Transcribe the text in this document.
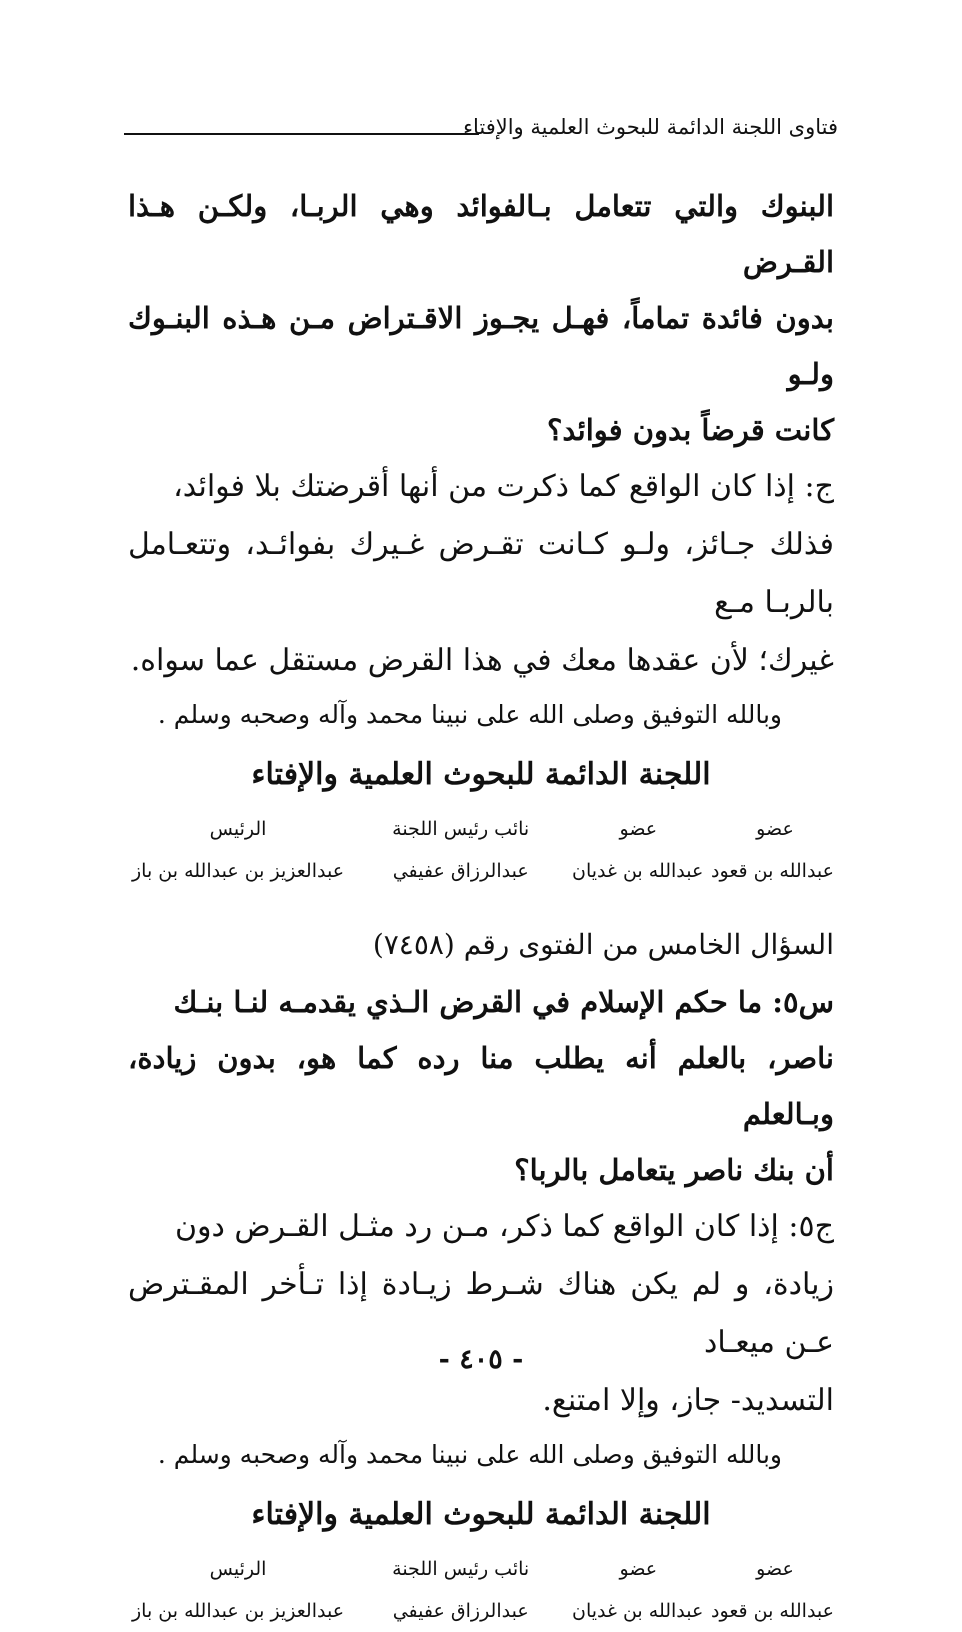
فتاوى اللجنة الدائمة للبحوث العلمية والإفتاء
البنوك والتي تتعامل بـالفوائد وهي الربـا، ولكـن هـذا القـرض
بدون فائدة تماماً، فهـل يجـوز الاقـتراض مـن هـذه البنـوك ولـو
كانت قرضاً بدون فوائد؟
ج: إذا كان الواقع كما ذكرت من أنها أقرضتك بلا فوائد،
فذلك جـائز، ولـو كـانت تقـرض غـيرك بفوائـد، وتتعـامل بالربـا مـع
غيرك؛ لأن عقدها معك في هذا القرض مستقل عما سواه.
وبالله التوفيق وصلى الله على نبينا محمد وآله وصحبه وسلم .
اللجنة الدائمة للبحوث العلمية والإفتاء
عضو
عضو
نائب رئيس اللجنة
الرئيس
عبدالله بن قعود
عبدالله بن غديان
عبدالرزاق عفيفي
عبدالعزيز بن عبدالله بن باز
السؤال الخامس من الفتوى رقم (٧٤٥٨)
س٥: ما حكم الإسلام في القرض الـذي يقدمـه لنـا بنـك
ناصر، بالعلم أنه يطلب منا رده كما هو، بدون زيادة، وبـالعلم
أن بنك ناصر يتعامل بالربا؟
ج٥: إذا كان الواقع كما ذكر، مـن رد مثـل القـرض دون
زيادة، و لم يكن هناك شـرط زيـادة إذا تـأخر المقـترض عـن ميعـاد
التسديد- جاز، وإلا امتنع.
وبالله التوفيق وصلى الله على نبينا محمد وآله وصحبه وسلم .
اللجنة الدائمة للبحوث العلمية والإفتاء
عضو
عضو
نائب رئيس اللجنة
الرئيس
عبدالله بن قعود
عبدالله بن غديان
عبدالرزاق عفيفي
عبدالعزيز بن عبدالله بن باز
- ٤٠٥ -
